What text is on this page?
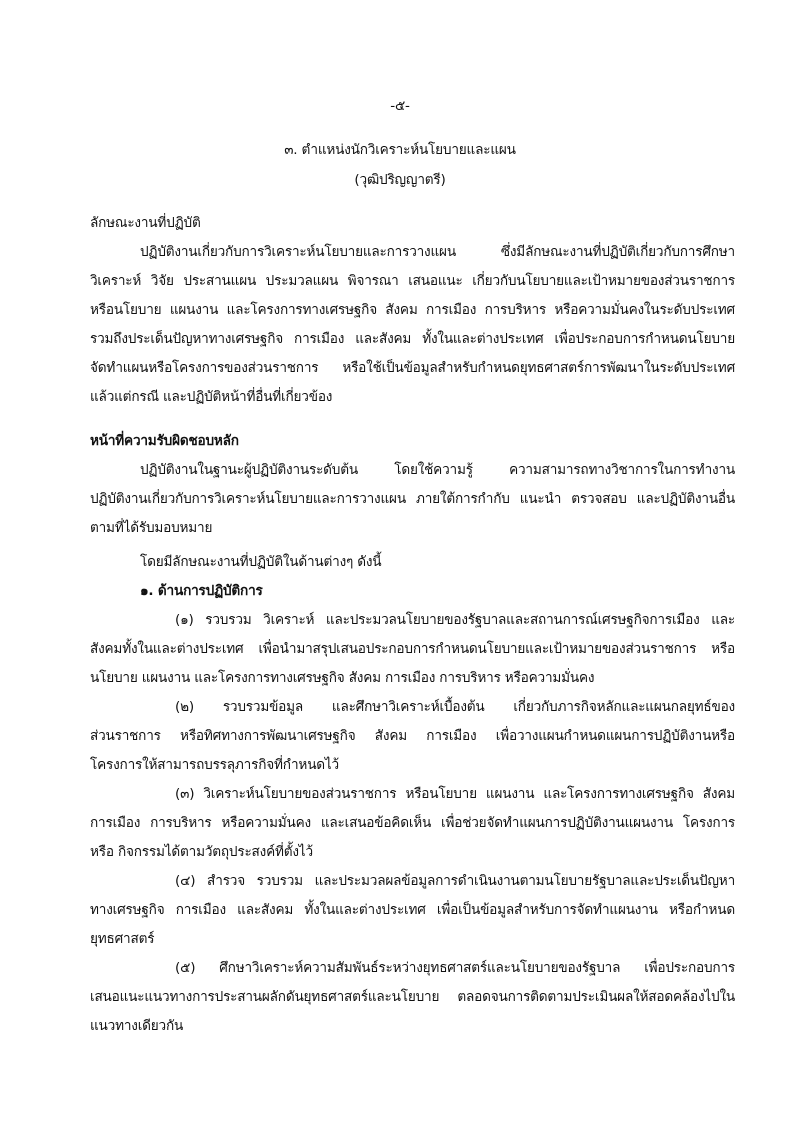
-๕-
๓. ตำแหน่งนักวิเคราะห์นโยบายและแผน
(วุฒิปริญญาตรี)
ลักษณะงานที่ปฏิบัติ
ปฏิบัติงานเกี่ยวกับการวิเคราะห์นโยบายและการวางแผน ซึ่งมีลักษณะงานที่ปฏิบัติเกี่ยวกับการศึกษา
วิเคราะห์ วิจัย ประสานแผน ประมวลแผน พิจารณา เสนอแนะ เกี่ยวกับนโยบายและเป้าหมายของส่วนราชการ
หรือนโยบาย แผนงาน และโครงการทางเศรษฐกิจ สังคม การเมือง การบริหาร หรือความมั่นคงในระดับประเทศ
รวมถึงประเด็นปัญหาทางเศรษฐกิจ การเมือง และสังคม ทั้งในและต่างประเทศ เพื่อประกอบการกำหนดนโยบาย
จัดทำแผนหรือโครงการของส่วนราชการ หรือใช้เป็นข้อมูลสำหรับกำหนดยุทธศาสตร์การพัฒนาในระดับประเทศ
แล้วแต่กรณี และปฏิบัติหน้าที่อื่นที่เกี่ยวข้อง
หน้าที่ความรับผิดชอบหลัก
ปฏิบัติงานในฐานะผู้ปฏิบัติงานระดับต้น โดยใช้ความรู้ ความสามารถทางวิชาการในการทำงาน
ปฏิบัติงานเกี่ยวกับการวิเคราะห์นโยบายและการวางแผน ภายใต้การกำกับ แนะนำ ตรวจสอบ และปฏิบัติงานอื่น
ตามที่ได้รับมอบหมาย
โดยมีลักษณะงานที่ปฏิบัติในด้านต่างๆ ดังนี้
๑. ด้านการปฏิบัติการ
(๑) รวบรวม วิเคราะห์ และประมวลนโยบายของรัฐบาลและสถานการณ์เศรษฐกิจการเมือง และ
สังคมทั้งในและต่างประเทศ เพื่อนำมาสรุปเสนอประกอบการกำหนดนโยบายและเป้าหมายของส่วนราชการ หรือ
นโยบาย แผนงาน และโครงการทางเศรษฐกิจ สังคม การเมือง การบริหาร หรือความมั่นคง
(๒) รวบรวมข้อมูล และศึกษาวิเคราะห์เบื้องต้น เกี่ยวกับภารกิจหลักและแผนกลยุทธ์ของ
ส่วนราชการ หรือทิศทางการพัฒนาเศรษฐกิจ สังคม การเมือง เพื่อวางแผนกำหนดแผนการปฏิบัติงานหรือ
โครงการให้สามารถบรรลุภารกิจที่กำหนดไว้
(๓) วิเคราะห์นโยบายของส่วนราชการ หรือนโยบาย แผนงาน และโครงการทางเศรษฐกิจ สังคม
การเมือง การบริหาร หรือความมั่นคง และเสนอข้อคิดเห็น เพื่อช่วยจัดทำแผนการปฏิบัติงานแผนงาน โครงการ
หรือ กิจกรรมได้ตามวัตถุประสงค์ที่ตั้งไว้
(๔) สำรวจ รวบรวม และประมวลผลข้อมูลการดำเนินงานตามนโยบายรัฐบาลและประเด็นปัญหา
ทางเศรษฐกิจ การเมือง และสังคม ทั้งในและต่างประเทศ เพื่อเป็นข้อมูลสำหรับการจัดทำแผนงาน หรือกำหนด
ยุทธศาสตร์
(๕) ศึกษาวิเคราะห์ความสัมพันธ์ระหว่างยุทธศาสตร์และนโยบายของรัฐบาล เพื่อประกอบการ
เสนอแนะแนวทางการประสานผลักดันยุทธศาสตร์และนโยบาย ตลอดจนการติดตามประเมินผลให้สอดคล้องไปใน
แนวทางเดียวกัน
